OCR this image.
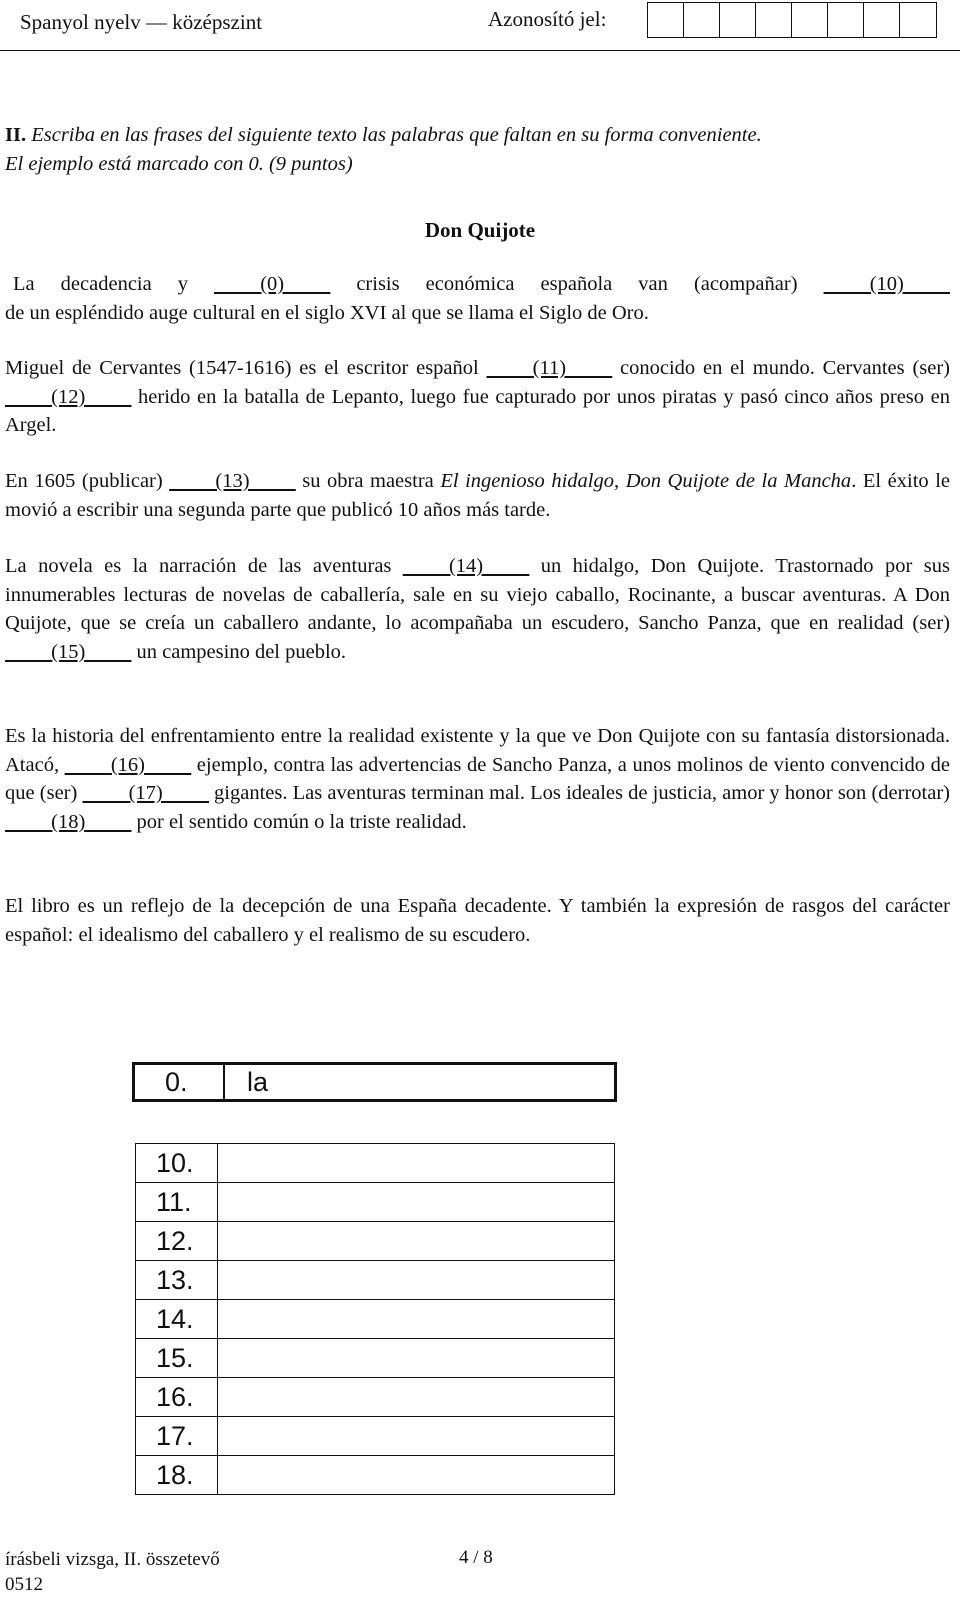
Spanyol nyelv — középszint	Azonosító jel:

II. Escriba en las frases del siguiente texto las palabras que faltan en su forma conveniente.

El ejemplo está marcado con 0. (9 puntos)

Don Quijote

La decadencia y (0) crisis económica española van (acompañar) (10)

de un espléndido auge cultural en el siglo XVI al que se llama el Siglo de Oro.

Miguel de Cervantes (1547-1616) es el escritor español (11) conocido en el mundo. Cervantes (ser) (12) herido en la batalla de Lepanto, luego fue capturado por unos piratas y pasó cinco años preso en Argel.

En 1605 (publicar) (13) su obra maestra El ingenioso hidalgo, Don Quijote de la Mancha. El éxito le movió a escribir una segunda parte que publicó 10 años más tarde.

La novela es la narración de las aventuras (14) un hidalgo, Don Quijote. Trastornado por sus innumerables lecturas de novelas de caballería, sale en su viejo caballo, Rocinante, a buscar aventuras. A Don Quijote, que se creía un caballero andante, lo acompañaba un escudero, Sancho Panza, que en realidad (ser) (15) un campesino del pueblo.

Es la historia del enfrentamiento entre la realidad existente y la que ve Don Quijote con su fantasía distorsionada. Atacó, (16) ejemplo, contra las advertencias de Sancho Panza, a unos molinos de viento convencido de que (ser) (17) gigantes. Las aventuras terminan mal. Los ideales de justicia, amor y honor son (derrotar) (18) por el sentido común o la triste realidad.

El libro es un reflejo de la decepción de una España decadente. Y también la expresión de rasgos del carácter español: el idealismo del caballero y el realismo de su escudero.

0.	la
10.	
11.	
12.	
13.	
14.	
15.	
16.	
17.	
18.	
írásbeli vizsga, II. összetevő
0512
4 / 8
